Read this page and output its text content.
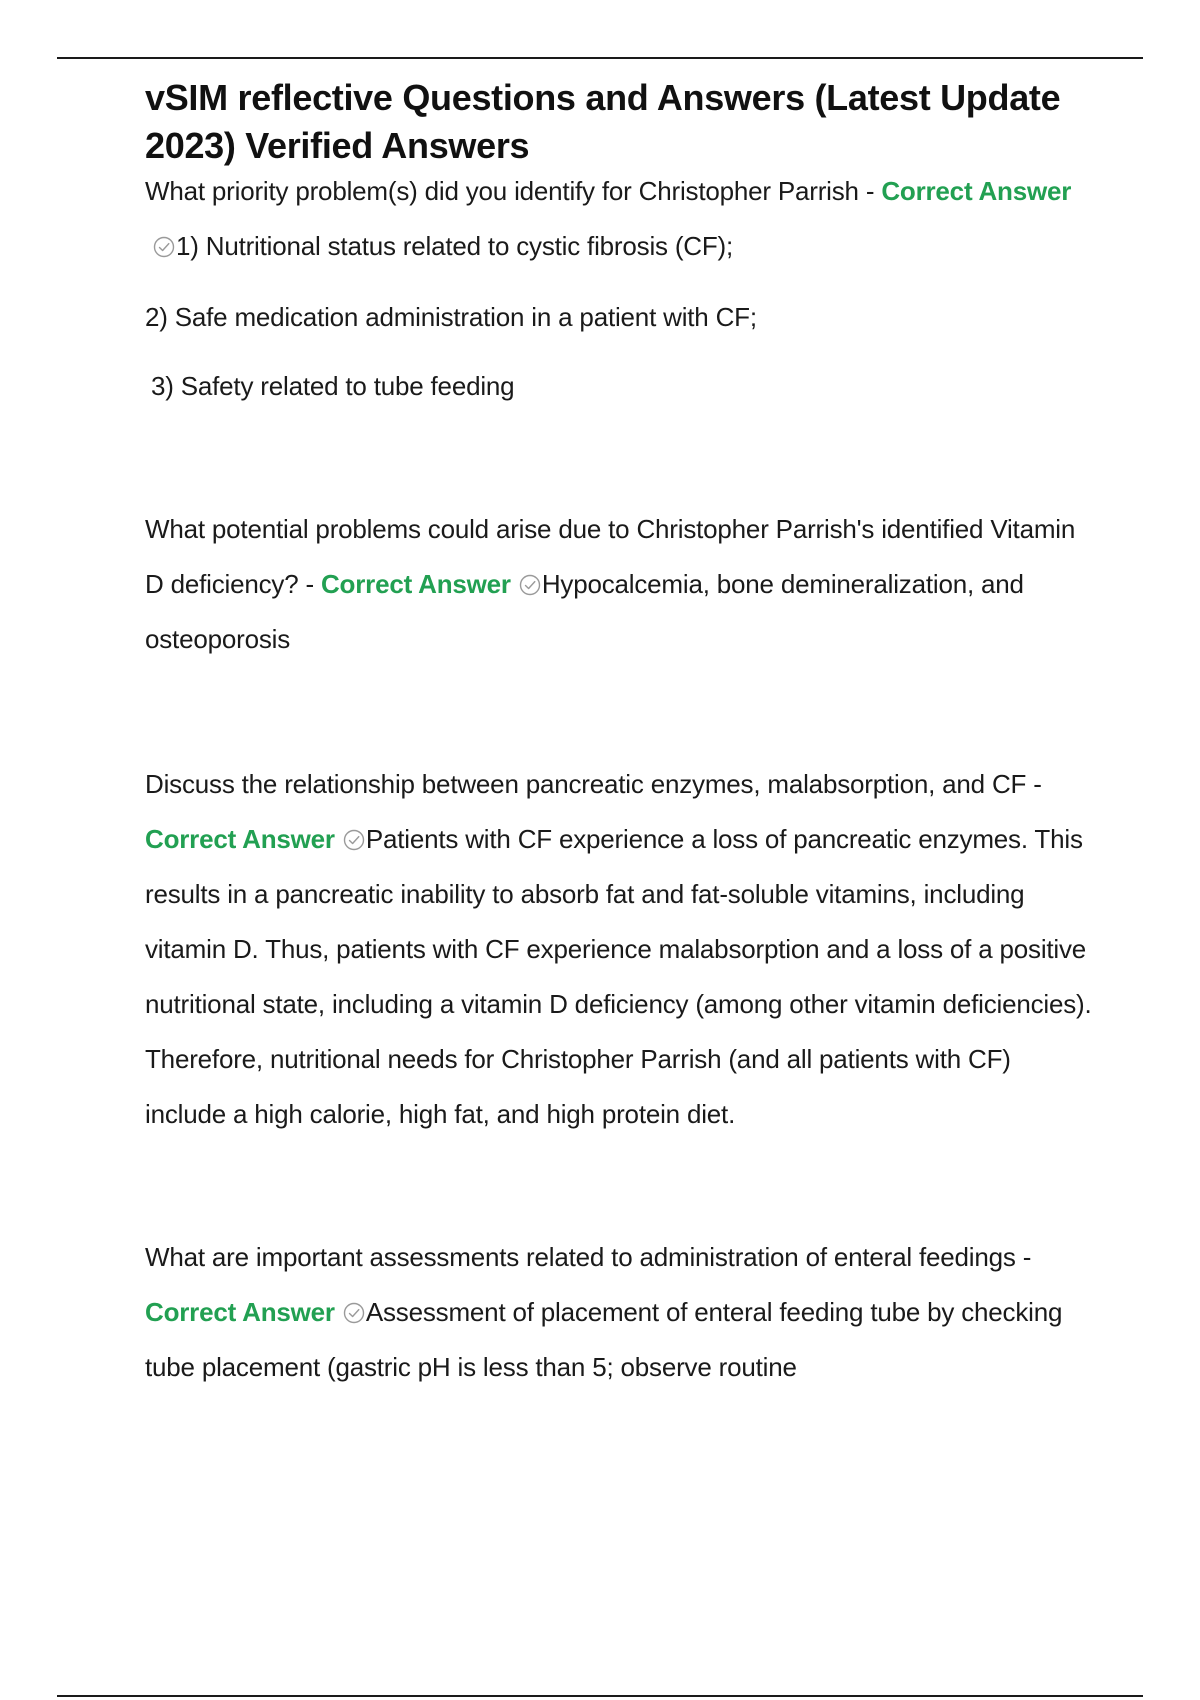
vSIM reflective Questions and Answers (Latest Update 2023) Verified Answers

What priority problem(s) did you identify for Christopher Parrish - Correct Answer
1) Nutritional status related to cystic fibrosis (CF);

2) Safe medication administration in a patient with CF;

3) Safety related to tube feeding

What potential problems could arise due to Christopher Parrish's identified Vitamin D deficiency? - Correct Answer Hypocalcemia, bone demineralization, and osteoporosis

Discuss the relationship between pancreatic enzymes, malabsorption, and CF - Correct Answer Patients with CF experience a loss of pancreatic enzymes. This results in a pancreatic inability to absorb fat and fat-soluble vitamins, including vitamin D. Thus, patients with CF experience malabsorption and a loss of a positive nutritional state, including a vitamin D deficiency (among other vitamin deficiencies). Therefore, nutritional needs for Christopher Parrish (and all patients with CF) include a high calorie, high fat, and high protein diet.

What are important assessments related to administration of enteral feedings - Correct Answer Assessment of placement of enteral feeding tube by checking tube placement (gastric pH is less than 5; observe routine
